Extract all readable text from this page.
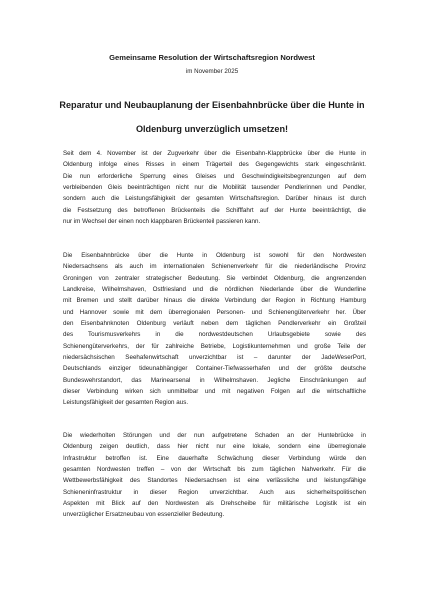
Gemeinsame Resolution der Wirtschaftsregion Nordwest
im November 2025
Reparatur und Neubauplanung der Eisenbahnbrücke über die Hunte in
Oldenburg unverzüglich umsetzen!
Seit dem 4. November ist der Zugverkehr über die Eisenbahn-Klappbrücke über die Hunte in
Oldenburg infolge eines Risses in einem Trägerteil des Gegengewichts stark eingeschränkt.
Die nun erforderliche Sperrung eines Gleises und Geschwindigkeitsbegrenzungen auf dem
verbleibenden Gleis beeinträchtigen nicht nur die Mobilität tausender Pendlerinnen und Pendler,
sondern auch die Leistungsfähigkeit der gesamten Wirtschaftsregion. Darüber hinaus ist durch
die Festsetzung des betroffenen Brückenteils die Schifffahrt auf der Hunte beeinträchtigt, die
nur im Wechsel der einen noch klappbaren Brückenteil passieren kann.
Die Eisenbahnbrücke über die Hunte in Oldenburg ist sowohl für den Nordwesten
Niedersachsens als auch im internationalen Schienenverkehr für die niederländische Provinz
Groningen von zentraler strategischer Bedeutung. Sie verbindet Oldenburg, die angrenzenden
Landkreise, Wilhelmshaven, Ostfriesland und die nördlichen Niederlande über die Wunderline
mit Bremen und stellt darüber hinaus die direkte Verbindung der Region in Richtung Hamburg
und Hannover sowie mit dem überregionalen Personen- und Schienengüterverkehr her. Über
den Eisenbahnknoten Oldenburg verläuft neben dem täglichen Pendlerverkehr ein Großteil
des Tourismusverkehrs in die nordwestdeutschen Urlaubsgebiete sowie des
Schienengüterverkehrs, der für zahlreiche Betriebe, Logistikunternehmen und große Teile der
niedersächsischen Seehafenwirtschaft unverzichtbar ist – darunter der JadeWeserPort,
Deutschlands einziger tideunabhängiger Container-Tiefwasserhafen und der größte deutsche
Bundeswehrstandort, das Marinearsenal in Wilhelmshaven. Jegliche Einschränkungen auf
dieser Verbindung wirken sich unmittelbar und mit negativen Folgen auf die wirtschaftliche
Leistungsfähigkeit der gesamten Region aus.
Die wiederholten Störungen und der nun aufgetretene Schaden an der Huntebrücke in
Oldenburg zeigen deutlich, dass hier nicht nur eine lokale, sondern eine überregionale
Infrastruktur betroffen ist. Eine dauerhafte Schwächung dieser Verbindung würde den
gesamten Nordwesten treffen – von der Wirtschaft bis zum täglichen Nahverkehr. Für die
Wettbewerbsfähigkeit des Standortes Niedersachsen ist eine verlässliche und leistungsfähige
Schieneninfrastruktur in dieser Region unverzichtbar. Auch aus sicherheitspolitischen
Aspekten mit Blick auf den Nordwesten als Drehscheibe für militärische Logistik ist ein
unverzüglicher Ersatzneubau von essenzieller Bedeutung.
